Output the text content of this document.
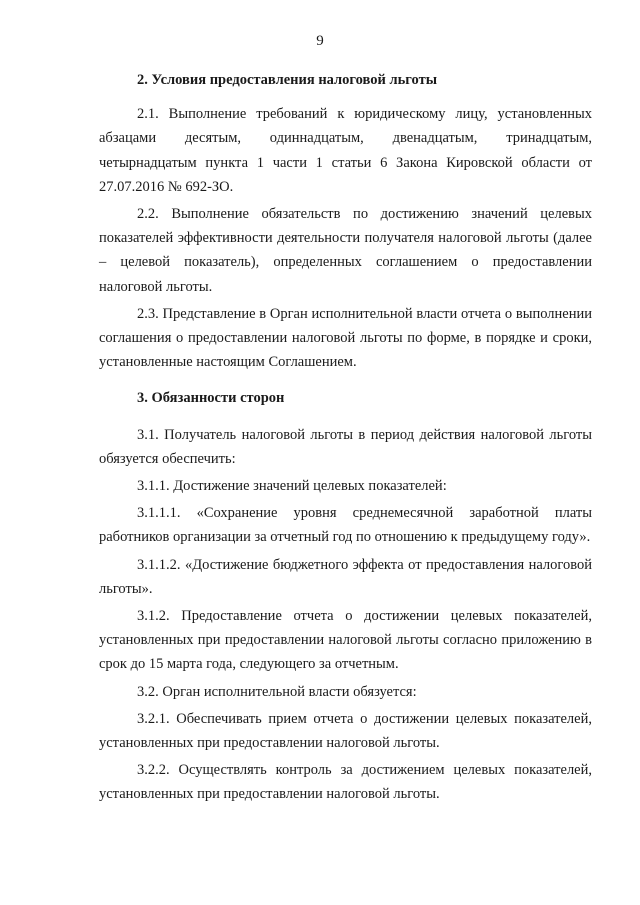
9

2. Условия предоставления налоговой льготы

2.1. Выполнение требований к юридическому лицу, установленных абзацами десятым, одиннадцатым, двенадцатым, тринадцатым, четырнадцатым пункта 1 части 1 статьи 6 Закона Кировской области от 27.07.2016 № 692-ЗО.

2.2. Выполнение обязательств по достижению значений целевых показателей эффективности деятельности получателя налоговой льготы (далее – целевой показатель), определенных соглашением о предоставлении налоговой льготы.

2.3. Представление в Орган исполнительной власти отчета о выполнении соглашения о предоставлении налоговой льготы по форме, в порядке и сроки, установленные настоящим Соглашением.

3. Обязанности сторон

3.1. Получатель налоговой льготы в период действия налоговой льготы обязуется обеспечить:

3.1.1. Достижение значений целевых показателей:

3.1.1.1. «Сохранение уровня среднемесячной заработной платы работников организации за отчетный год по отношению к предыдущему году».

3.1.1.2. «Достижение бюджетного эффекта от предоставления налоговой льготы».

3.1.2. Предоставление отчета о достижении целевых показателей, установленных при предоставлении налоговой льготы согласно приложению в срок до 15 марта года, следующего за отчетным.

3.2. Орган исполнительной власти обязуется:

3.2.1. Обеспечивать прием отчета о достижении целевых показателей, установленных при предоставлении налоговой льготы.

3.2.2. Осуществлять контроль за достижением целевых показателей, установленных при предоставлении налоговой льготы.
